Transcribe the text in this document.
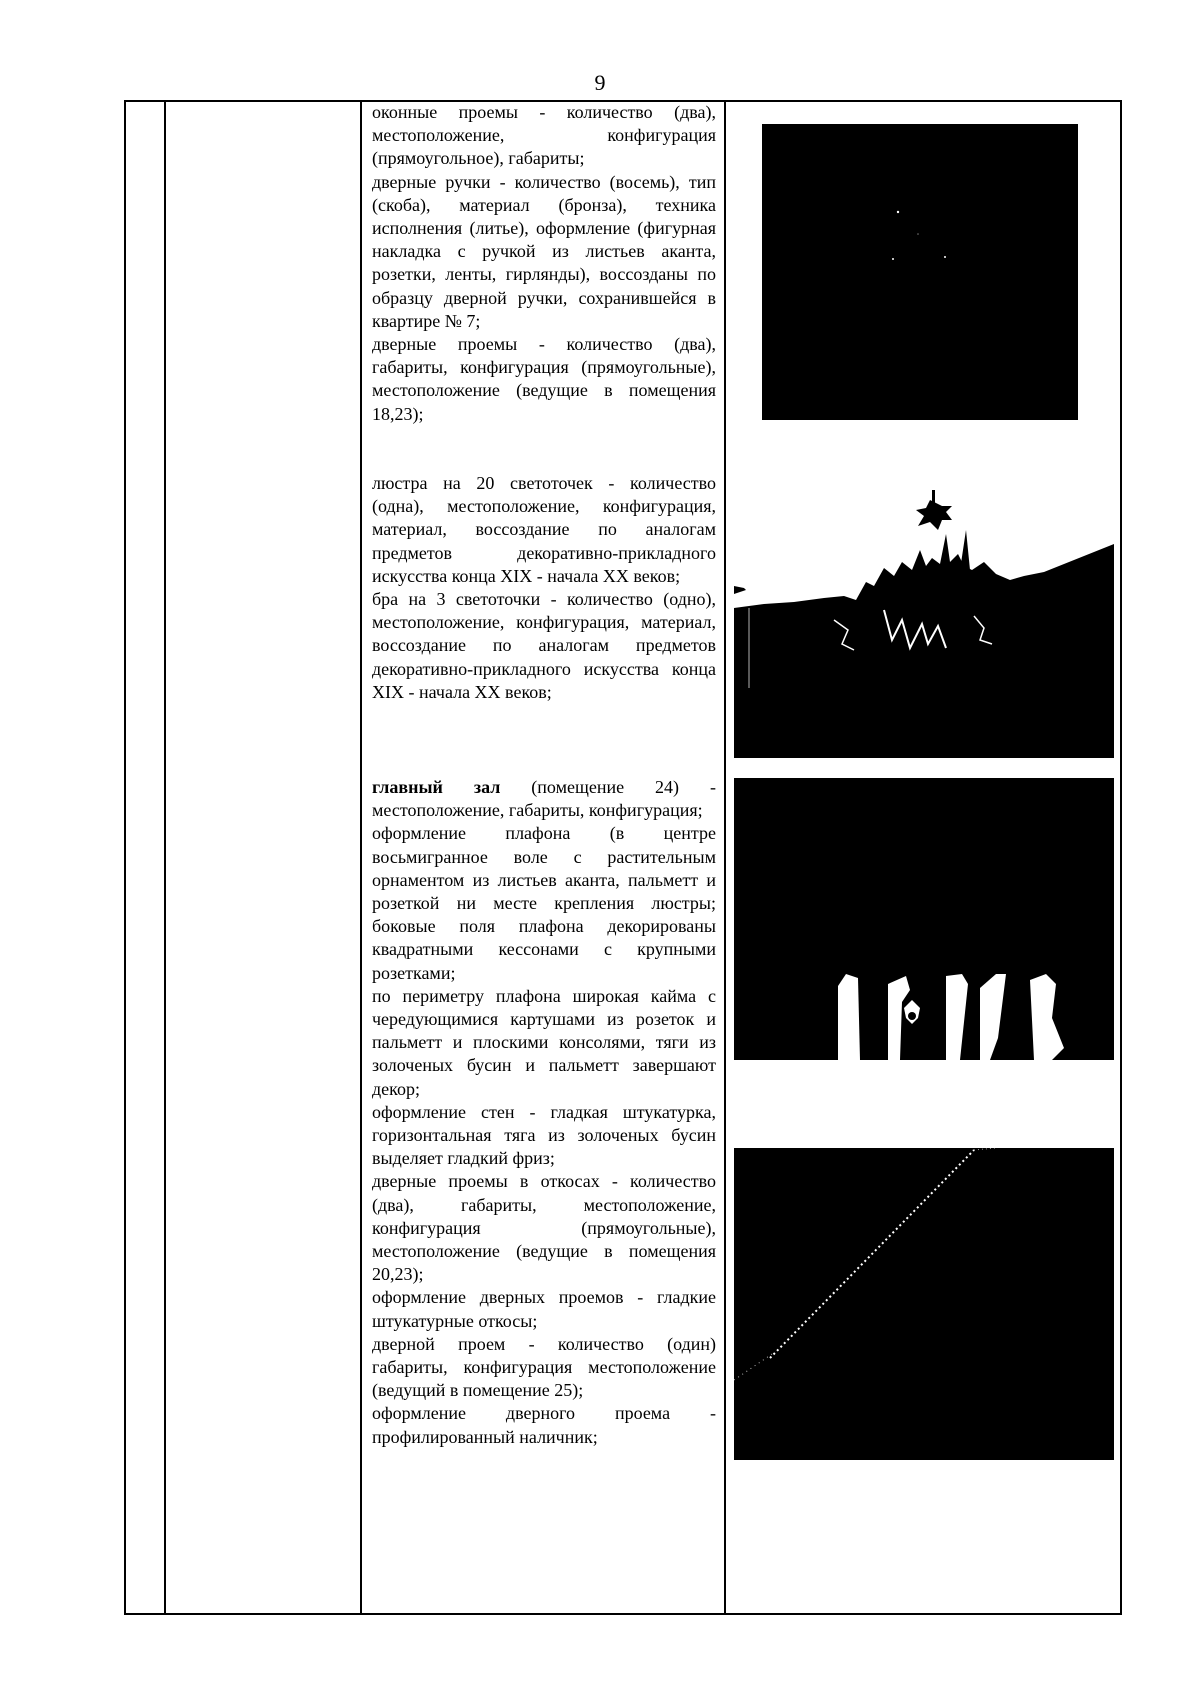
9

оконные проемы - количество (два), местоположение, конфигурация (прямоугольное), габариты;

дверные ручки - количество (восемь), тип (скоба), материал (бронза), техника исполнения (литье), оформление (фигурная накладка с ручкой из листьев аканта, розетки, ленты, гирлянды), воссозданы по образцу дверной ручки, сохранившейся в квартире № 7;

дверные проемы - количество (два), габариты, конфигурация (прямоугольные), местоположение (ведущие в помещения 18,23);

люстра на 20 светоточек - количество (одна), местоположение, конфигурация, материал, воссоздание по аналогам предметов декоративно-прикладного искусства конца XIX - начала XX веков;

бра на 3 светоточки - количество (одно), местоположение, конфигурация, материал, воссоздание по аналогам предметов декоративно-прикладного искусства конца XIX - начала XX веков;

главный зал (помещение 24) - местоположение, габариты, конфигурация;

оформление плафона (в центре восьмигранное воле с растительным орнаментом из листьев аканта, пальметт и розеткой ни месте крепления люстры; боковые поля плафона декорированы квадратными кессонами с крупными розетками;

по периметру плафона широкая кайма с чередующимися картушами из розеток и пальметт и плоскими консолями, тяги из золоченых бусин и пальметт завершают декор;

оформление стен - гладкая штукатурка, горизонтальная тяга из золоченых бусин выделяет гладкий фриз;

дверные проемы в откосах - количество (два), габариты, местоположение, конфигурация (прямоугольные), местоположение (ведущие в помещения 20,23);

оформление дверных проемов - гладкие штукатурные откосы;

дверной проем - количество (один) габариты, конфигурация местоположение (ведущий в помещение 25);

оформление дверного проема - профилированный наличник;
